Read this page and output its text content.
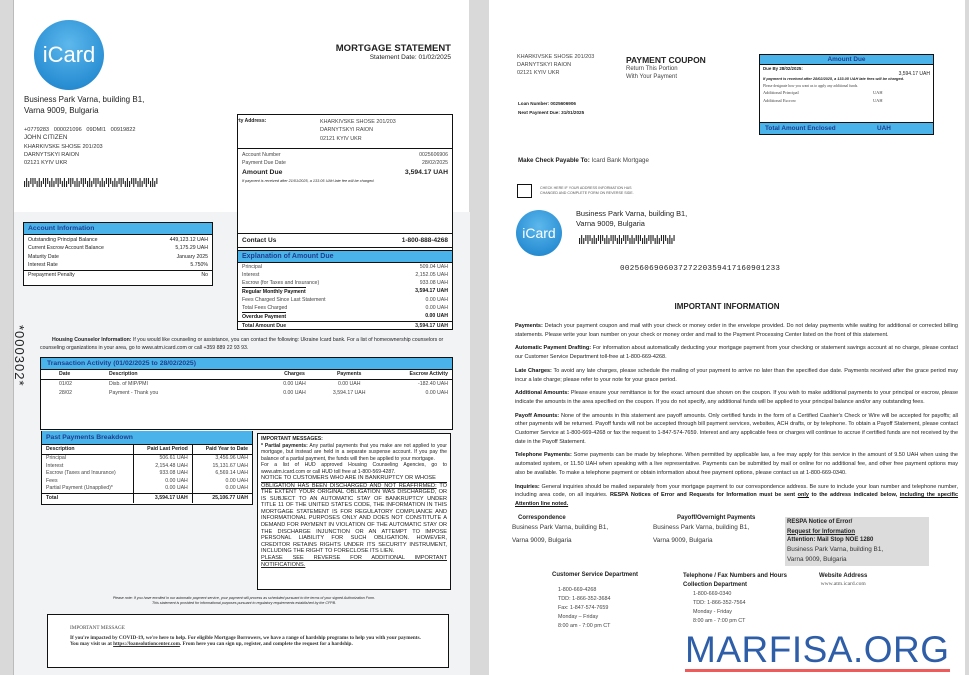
iCard	MORTGAGE STATEMENT
Statement Date: 01/02/2025
Business Park Varna, building B1,
Varna 9009, Bulgaria
+0779283   000021096   09DMI1   00919822
JOHN CITIZEN
KHARKIVSKE SHOSE 201/203
DARNYTSKYI RAION
02121 KYIV UKR
*000302*
rty Address:	KHARKIVSKE SHOSE 201/203
DARNYTSKYI RAION
02121 KYIV UKR
Account Number	0025606906
Payment Due Date	28/02/2025
Amount Due	3,594.17 UAH
If payment is received after 21/01/2025, a 133.05 UAH late fee will be charged.
Contact Us	1-800-888-4268
Explanation of Amount Due
Principal	509.04 UAH
Interest	2,152.05 UAH
Escrow (for Taxes and Insurance)	933.08 UAH
Regular Monthly Payment	3,594.17 UAH
Fees Charged Since Last Statement	0.00 UAH
Total Fees Charged	0.00 UAH
Overdue Payment	0.00 UAH
Total Amount Due	3,594.17 UAH
Account Information
Outstanding Principal Balance	449,123.12 UAH
Current Escrow Account Balance	5,175.29 UAH
Maturity Date	January 2025
Interest Rate	5.750%
Prepayment Penalty	No
Housing Counselor Information: If you would like counseling or assistance, you can contact the following: Ukraine Icard bank. For a list of homeownership counselors or counseling organizations in your area, go to www.atm.icard.com or call +359 889 22 93 93.
Transaction Activity (01/02/2025 to 28/02/2025)
Date	Description	Charges	Payments	Escrow Activity
01/02	Disb. of MIP/PMI	0.00 UAH	0.00 UAH	-182.40 UAH
28/02	Payment - Thank you	0.00 UAH	3,594.17 UAH	0.00 UAH
Past Payments Breakdown
Description	Paid Last Period	Paid Year to Date
Principal	506.61 UAH	3,456.96 UAH
Interest	2,154.48 UAH	15,131.67 UAH
Escrow (Taxes and Insurance)	933.08 UAH	6,569.14 UAH
Fees	0.00 UAH	0.00 UAH
Partial Payment (Unapplied)*	0.00 UAH	0.00 UAH
Total	3,594.17 UAH	25,106.77 UAH
IMPORTANT MESSAGES:
* Partial payments: Any partial payments that you make are not applied to your mortgage, but instead are held in a separate suspense account. If you pay the balance of a partial payment, the funds will then be applied to your mortgage.
For a list of HUD approved Housing Counseling Agencies, go to www.atm.icard.com or call HUD toll free at 1-800-569-4287.
NOTICE TO CUSTOMERS WHO ARE IN BANKRUPTCY OR WHOSE
OBLIGATION HAS BEEN DISCHARGED AND NOT REAFFIRMED: TO THE EXTENT YOUR ORIGINAL OBLIGATION WAS DISCHARGED, OR IS SUBJECT TO AN AUTOMATIC STAY OF BANKRUPTCY UNDER TITLE 11 OF THE UNITED STATES CODE, THE INFORMATION IN THIS MORTGAGE STATEMENT IS FOR REGULATORY COMPLIANCE AND INFORMATIONAL PURPOSES ONLY AND DOES NOT CONSTITUTE A DEMAND FOR PAYMENT IN VIOLATION OF THE AUTOMATIC STAY OR THE DISCHARGE INJUNCTION OR AN ATTEMPT TO IMPOSE PERSONAL LIABILITY FOR SUCH OBLIGATION. HOWEVER, CREDITOR RETAINS RIGHTS UNDER ITS SECURITY INSTRUMENT, INCLUDING THE RIGHT TO FORECLOSE ITS LIEN.
PLEASE SEE REVERSE FOR ADDITIONAL IMPORTANT NOTIFICATIONS.
Please note: If you have enrolled in our automatic payment service, your payment will process as scheduled pursuant to the terms of your signed Authorization Form.
This statement is provided for informational purposes pursuant to regulatory requirements established by the CFPB.
IMPORTANT MESSAGE
If you're impacted by COVID-19, we're here to help. For eligible Mortgage Borrowers, we have a range of hardship programs to help you with your payments. You may visit us at https://loansolutioncenter.com. From here you can sign up, register, and complete the request for a hardship.
KHARKIVSKE SHOSE 201/203
DARNYTSKYI RAION
02121 KYIV UKR
PAYMENT COUPON
Return This Portion
With Your Payment
Loan Number: 0025606906
Next Payment Due: 31/01/2025
Amount Due
Due By 28/02/2025:
3,594.17 UAH
If payment is received after 28/02/2025, a 133.05 UAH late fees will be charged.
Please designate how you want us to apply any additional funds.
Additional Principal	UAH
Additional Escrow	UAH
Total Amount Enclosed	UAH
Make Check Payable To: Icard Bank Mortgage
CHECK HERE IF YOUR ADDRESS INFORMATION HAS
CHANGED AND COMPLETE FORM ON REVERSE SIDE.
iCard
Business Park Varna, building B1,
Varna 9009, Bulgaria
002560690603727220359417160901233
IMPORTANT INFORMATION

Payments: Detach your payment coupon and mail with your check or money order in the envelope provided. Do not delay payments while waiting for additional or corrected billing statements. Please write your loan number on your check or money order and mail to the Payment Processing Center listed on the front of this statement.

Automatic Payment Drafting: For information about automatically deducting your mortgage payment from your checking or statement savings account at no charge, please contact our Customer Service Department toll-free at 1-800-669-4268.

Late Charges: To avoid any late charges, please schedule the mailing of your payment to arrive no later than the specified due date. Payments received after the grace period may incur a late charge; please refer to your note for your grace period.

Additional Amounts: Please ensure your remittance is for the exact amount due shown on the coupon. If you wish to make additional payments to your principal or escrow, please indicate the amounts in the area specified on the coupon. If you do not specify, any additional funds will be applied to your principal balance and/or any outstanding fees.

Payoff Amounts: None of the amounts in this statement are payoff amounts. Only certified funds in the form of a Certified Cashier's Check or Wire will be accepted for payoffs; all other payments will be returned. Payoff funds will not be accepted through bill payment services, websites, ACH drafts, or by telephone. To obtain a Payoff Statement, please contact Customer Service at 1-800-669-4268 or fax the request to 1-847-574-7659. Interest and any applicable fees or charges will continue to accrue if certified funds are not received by the date in the Payoff Statement.

Telephone Payments: Some payments can be made by telephone. When permitted by applicable law, a fee may apply for this service in the amount of 9.50 UAH when using the automated system, or 11.50 UAH when speaking with a live representative. Payments can be submitted by mail or online for no additional fee, and other free payment options may also be available. To make a telephone payment or obtain information about free payment options, please contact us at 1-800-669-0340.

Inquiries: General inquiries should be mailed separately from your mortgage payment to our correspondence address. Be sure to include your loan number and telephone number, including area code, on all inquiries. RESPA Notices of Error and Requests for Information must be sent only to the address indicated below, including the specific Attention line noted.

Correspondence
Business Park Varna, building B1,
Varna 9009, Bulgaria
Payoff/Overnight Payments
Business Park Varna, building B1,
Varna 9009, Bulgaria
RESPA Notice of Error/
Request for Information
Attention: Mail Stop NOE 1280
Business Park Varna, building B1,
Varna 9009, Bulgaria
Customer Service Department
1-800-669-4268
TDD: 1-866-352-3684
Fax: 1-847-574-7659
Monday – Friday
8:00 am - 7:00 pm CT
Telephone / Fax Numbers and Hours
Collection Department
1-800-669-0340
TDD: 1-866-352-7564
Monday - Friday
8:00 am - 7:00 pm CT
Website Address
www.atm.icard.com
MARFISA.ORG
